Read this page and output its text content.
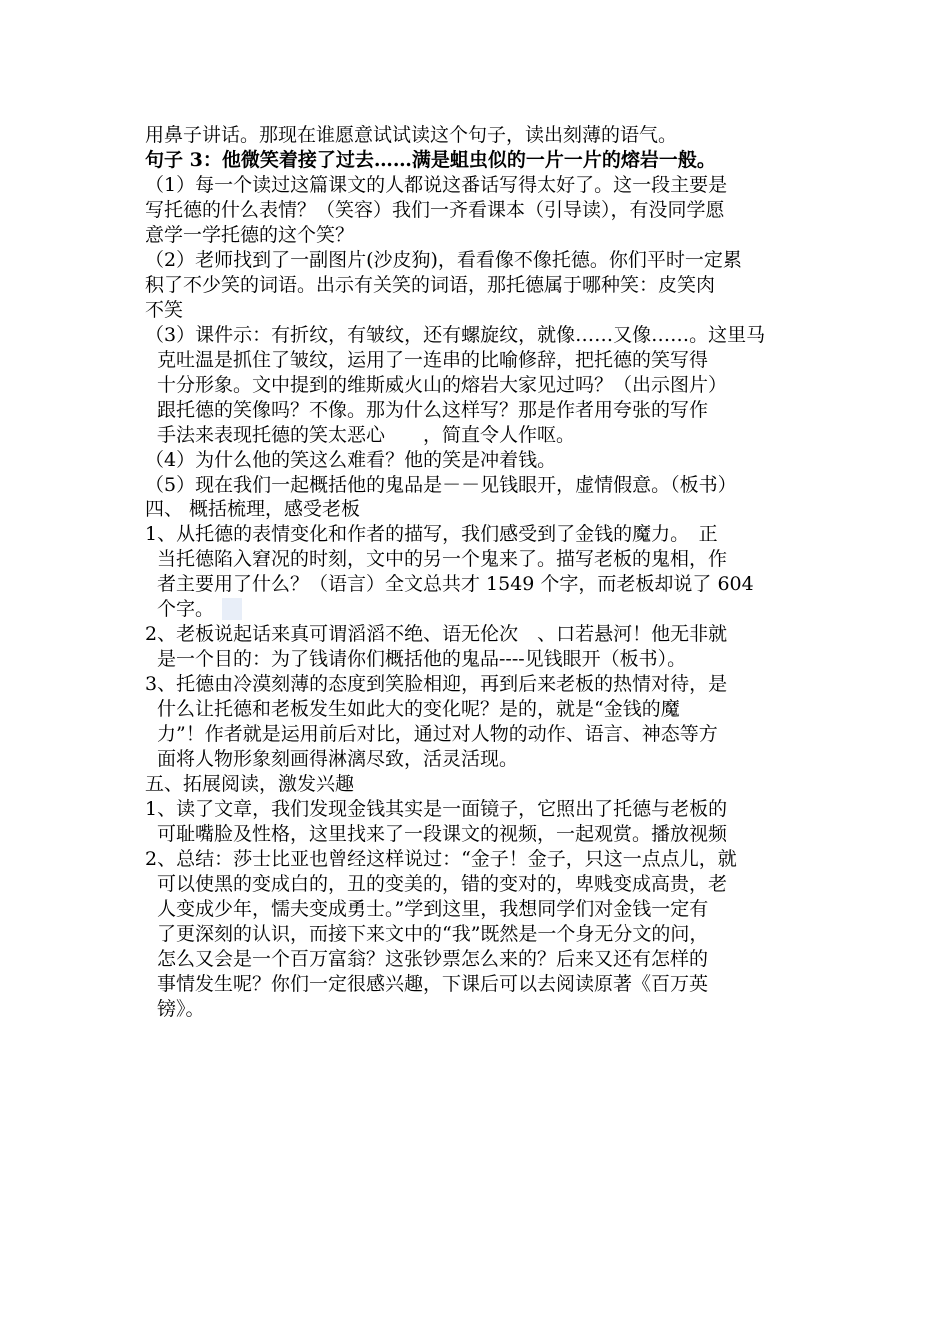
用鼻子讲话。那现在谁愿意试试读这个句子，读出刻薄的语气。
句子 3：他微笑着接了过去……满是蛆虫似的一片一片的熔岩一般。
（1）每一个读过这篇课文的人都说这番话写得太好了。这一段主要是
写托德的什么表情？（笑容）我们一齐看课本（引导读），有没同学愿
意学一学托德的这个笑？
（2）老师找到了一副图片(沙皮狗)，看看像不像托德。你们平时一定累
积了不少笑的词语。出示有关笑的词语，那托德属于哪种笑：皮笑肉
不笑
（3）课件示：有折纹，有皱纹，还有螺旋纹，就像……又像……。这里马
克吐温是抓住了皱纹，运用了一连串的比喻修辞，把托德的笑写得
十分形象。文中提到的维斯威火山的熔岩大家见过吗？（出示图片）
跟托德的笑像吗？不像。那为什么这样写？那是作者用夸张的写作
手法来表现托德的笑太恶心　　，简直令人作呕。
（4）为什么他的笑这么难看？他的笑是冲着钱。
（5）现在我们一起概括他的鬼品是－－见钱眼开，虚情假意。（板书）
四、 概括梳理，感受老板
1、从托德的表情变化和作者的描写，我们感受到了金钱的魔力。　正
当托德陷入窘况的时刻，文中的另一个鬼来了。描写老板的鬼相，作
者主要用了什么？（语言）全文总共才 1549 个字，而老板却说了 604
个字。
2、老板说起话来真可谓滔滔不绝、语无伦次　、口若悬河！他无非就
是一个目的：为了钱请你们概括他的鬼品----见钱眼开（板书）。
3、托德由冷漠刻薄的态度到笑脸相迎，再到后来老板的热情对待，是
什么让托德和老板发生如此大的变化呢？是的，就是“金钱的魔
力”！作者就是运用前后对比，通过对人物的动作、语言、神态等方
面将人物形象刻画得淋漓尽致，活灵活现。
五、拓展阅读，激发兴趣
1、读了文章，我们发现金钱其实是一面镜子，它照出了托德与老板的
可耻嘴脸及性格，这里找来了一段课文的视频，一起观赏。播放视频
2、总结：莎士比亚也曾经这样说过：“金子！金子，只这一点点儿，就
可以使黑的变成白的，丑的变美的，错的变对的，卑贱变成高贵，老
人变成少年，懦夫变成勇士。”学到这里，我想同学们对金钱一定有
了更深刻的认识，而接下来文中的“我”既然是一个身无分文的问，
怎么又会是一个百万富翁？这张钞票怎么来的？后来又还有怎样的
事情发生呢？你们一定很感兴趣，下课后可以去阅读原著《百万英
镑》。
